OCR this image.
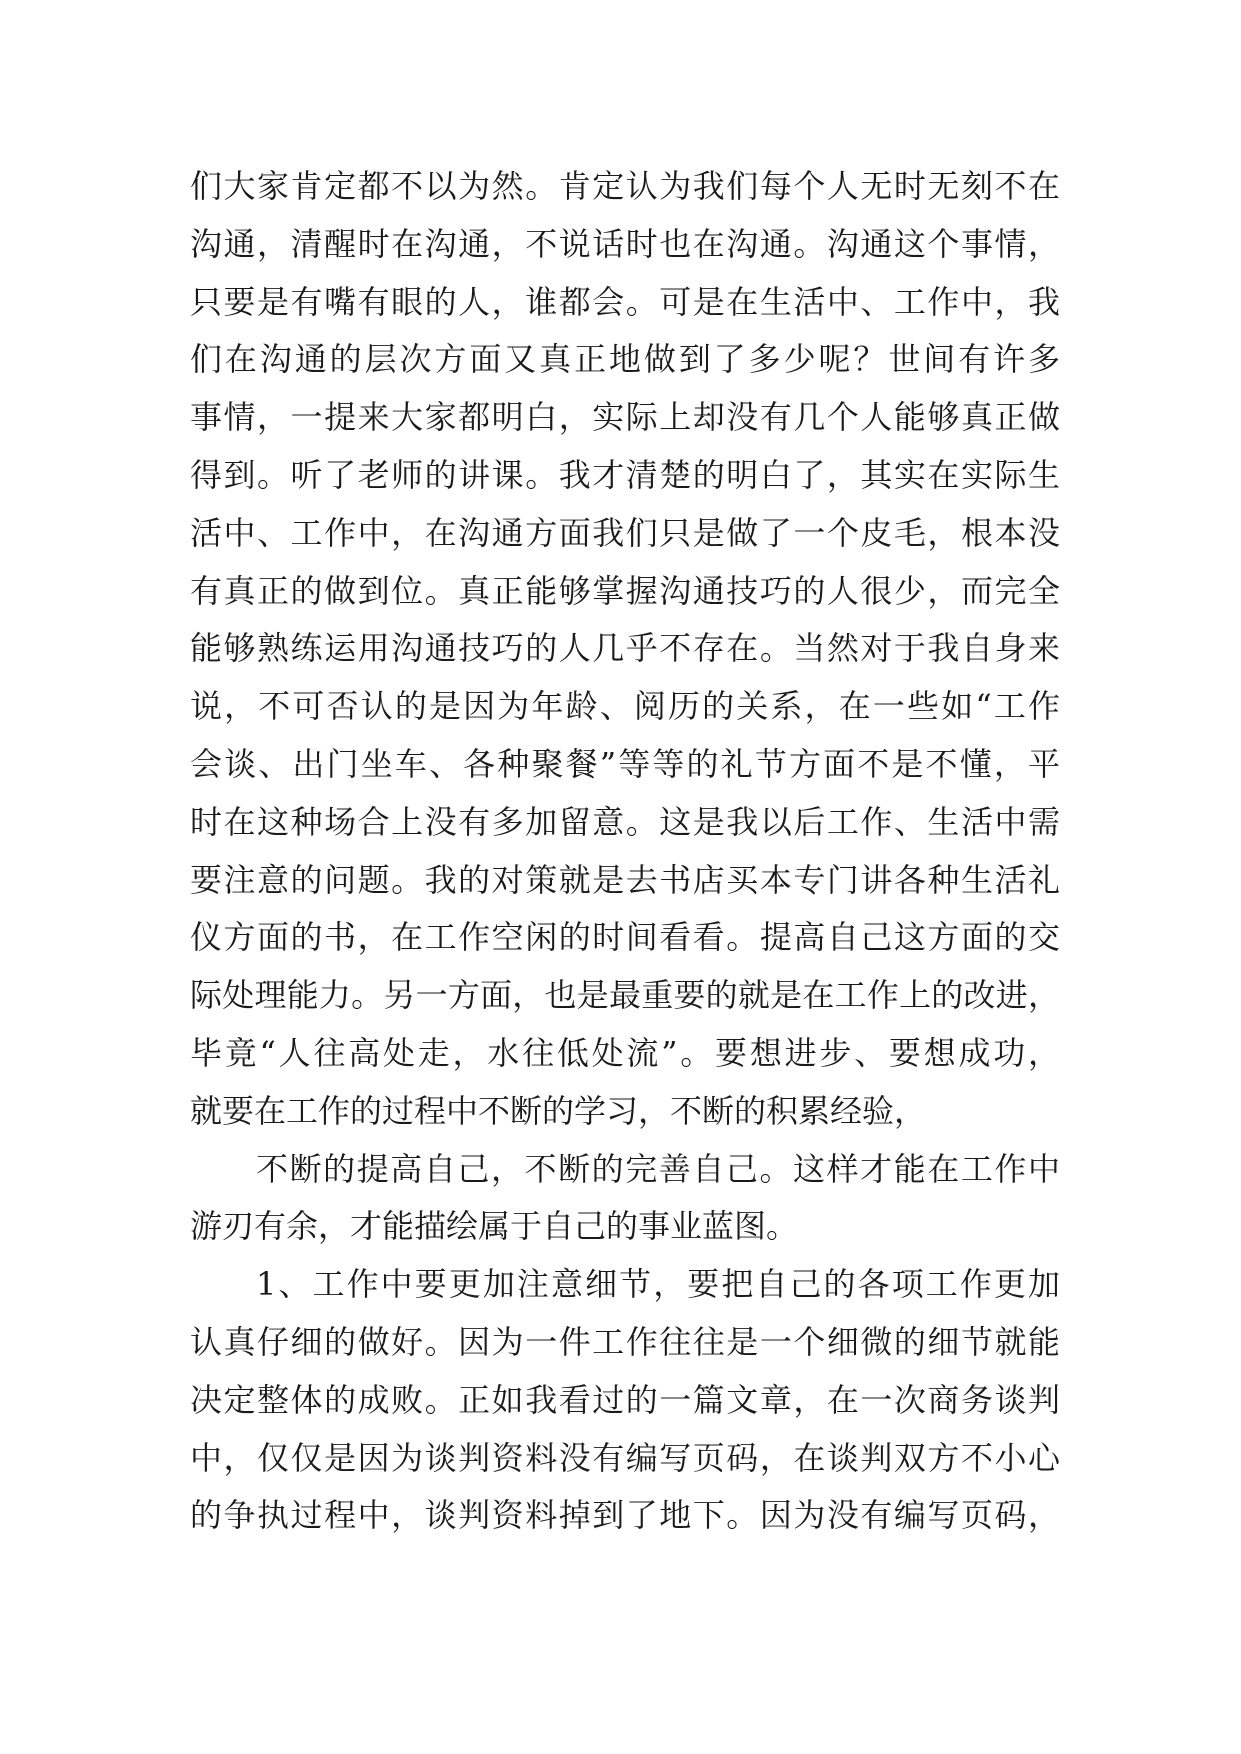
们大家肯定都不以为然。肯定认为我们每个人无时无刻不在
沟通，清醒时在沟通，不说话时也在沟通。沟通这个事情，
只要是有嘴有眼的人，谁都会。可是在生活中、工作中，我
们在沟通的层次方面又真正地做到了多少呢？世间有许多
事情，一提来大家都明白，实际上却没有几个人能够真正做
得到。听了老师的讲课。我才清楚的明白了，其实在实际生
活中、工作中，在沟通方面我们只是做了一个皮毛，根本没
有真正的做到位。真正能够掌握沟通技巧的人很少，而完全
能够熟练运用沟通技巧的人几乎不存在。当然对于我自身来
说，不可否认的是因为年龄、阅历的关系，在一些如“工作
会谈、出门坐车、各种聚餐”等等的礼节方面不是不懂，平
时在这种场合上没有多加留意。这是我以后工作、生活中需
要注意的问题。我的对策就是去书店买本专门讲各种生活礼
仪方面的书，在工作空闲的时间看看。提高自己这方面的交
际处理能力。另一方面，也是最重要的就是在工作上的改进，
毕竟“人往高处走，水往低处流”。要想进步、要想成功，
就要在工作的过程中不断的学习，不断的积累经验，
不断的提高自己，不断的完善自己。这样才能在工作中
游刃有余，才能描绘属于自己的事业蓝图。
1、工作中要更加注意细节，要把自己的各项工作更加
认真仔细的做好。因为一件工作往往是一个细微的细节就能
决定整体的成败。正如我看过的一篇文章，在一次商务谈判
中，仅仅是因为谈判资料没有编写页码，在谈判双方不小心
的争执过程中，谈判资料掉到了地下。因为没有编写页码，
